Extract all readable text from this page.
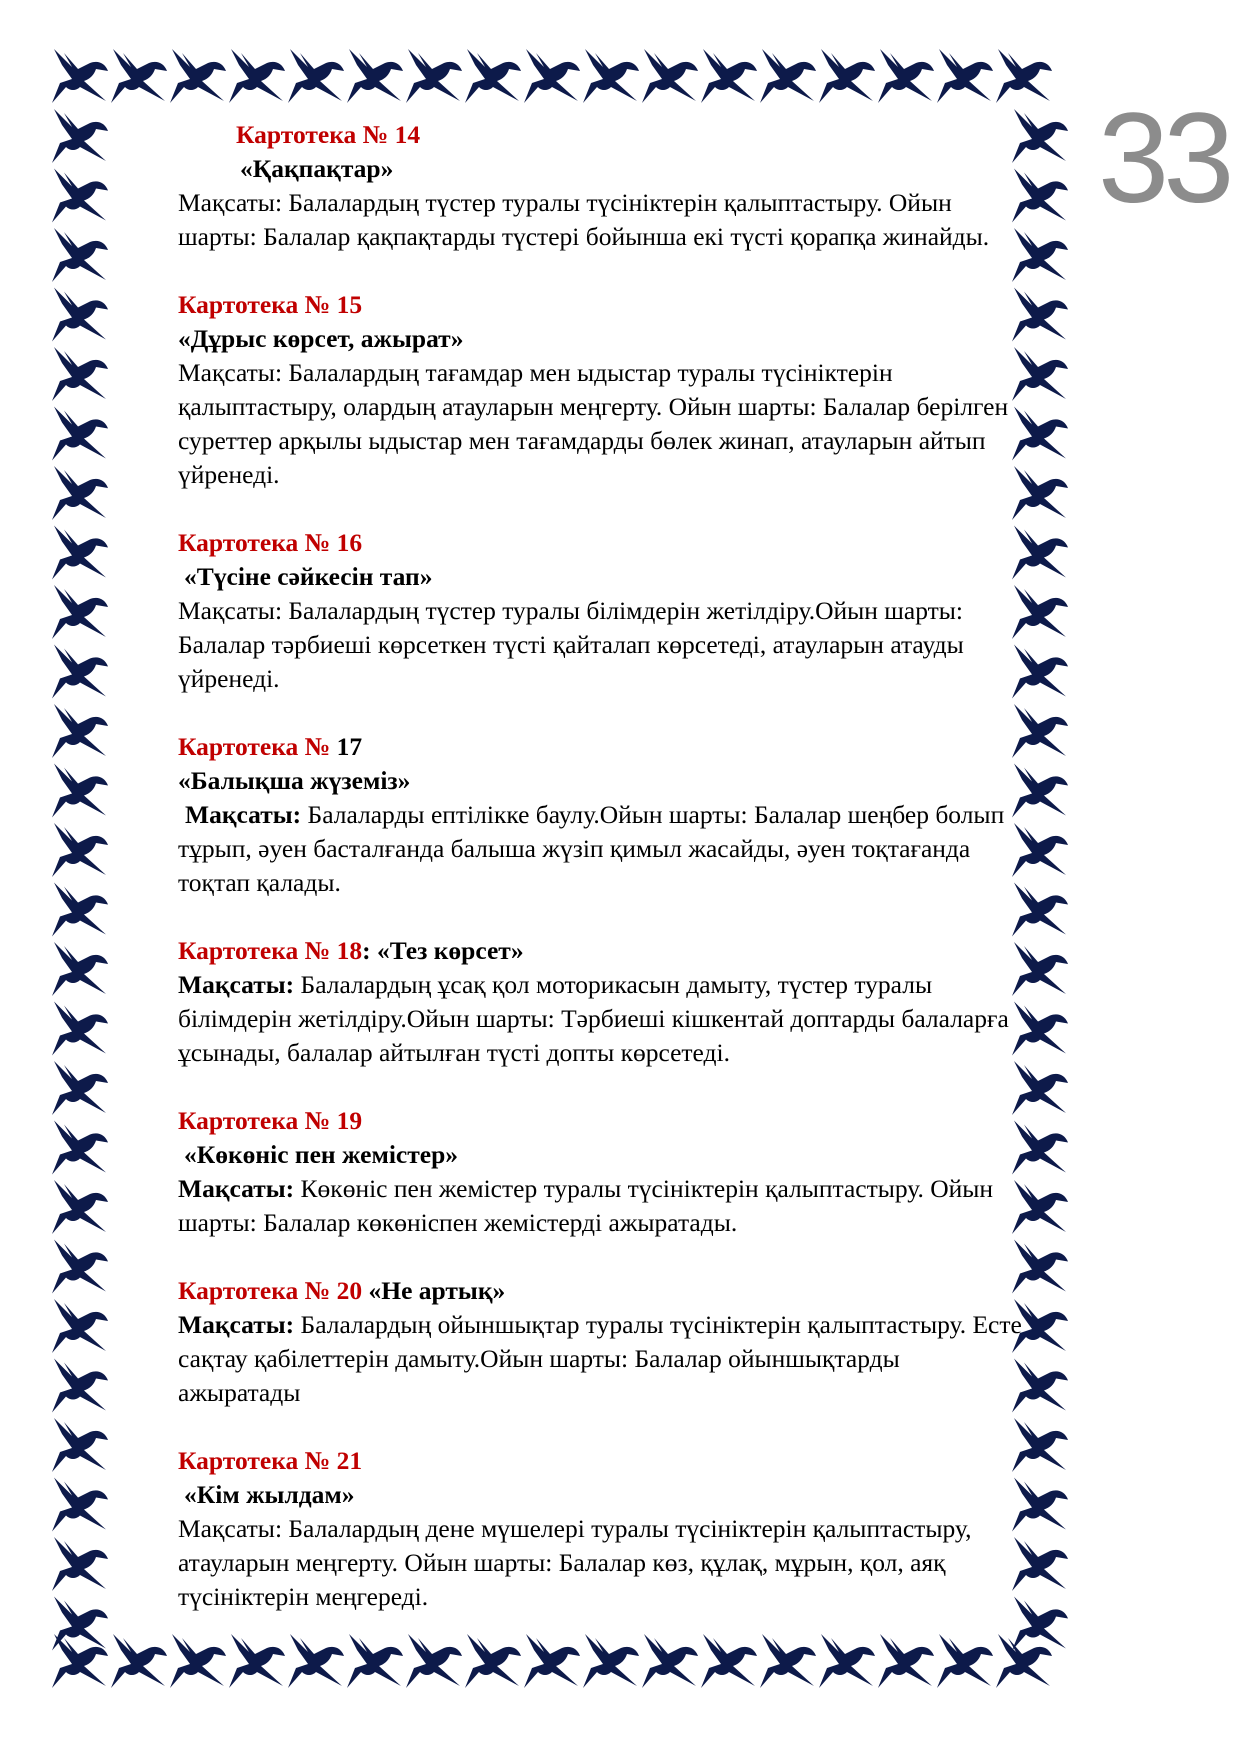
33
Картотека № 14
«Қақпақтар»
Мақсаты: Балалардың түстер туралы түсініктерін қалыптастыру. Ойын
шарты: Балалар қақпақтарды түстері бойынша екі түсті қорапқа жинайды.
Картотека № 15
«Дұрыс көрсет, ажырат»
Мақсаты: Балалардың тағамдар мен ыдыстар туралы түсініктерін
қалыптастыру, олардың атауларын меңгерту. Ойын шарты: Балалар берілген
суреттер арқылы ыдыстар мен тағамдарды бөлек жинап, атауларын айтып
үйренеді.
Картотека № 16
«Түсіне сәйкесін тап»
Мақсаты: Балалардың түстер туралы білімдерін жетілдіру.Ойын шарты:
Балалар тәрбиеші көрсеткен түсті қайталап көрсетеді, атауларын атауды
үйренеді.
Картотека № 17
«Балықша жүземіз»
Мақсаты: Балаларды ептілікке баулу.Ойын шарты: Балалар шеңбер болып
тұрып, әуен басталғанда балыша жүзіп қимыл жасайды, әуен тоқтағанда
тоқтап қалады.
Картотека № 18: «Тез көрсет»
Мақсаты: Балалардың ұсақ қол моторикасын дамыту, түстер туралы
білімдерін жетілдіру.Ойын шарты: Тәрбиеші кішкентай доптарды балаларға
ұсынады, балалар айтылған түсті допты көрсетеді.
Картотека № 19
«Көкөніс пен жемістер»
Мақсаты: Көкөніс пен жемістер туралы түсініктерін қалыптастыру. Ойын
шарты: Балалар көкөніспен жемістерді ажыратады.
Картотека № 20 «Не артық»
Мақсаты: Балалардың ойыншықтар туралы түсініктерін қалыптастыру. Есте
сақтау қабілеттерін дамыту.Ойын шарты: Балалар ойыншықтарды
ажыратады
Картотека № 21
«Кім жылдам»
Мақсаты: Балалардың дене мүшелері туралы түсініктерін қалыптастыру,
атауларын меңгерту. Ойын шарты: Балалар көз, құлақ, мұрын, қол, аяқ
түсініктерін меңгереді.
